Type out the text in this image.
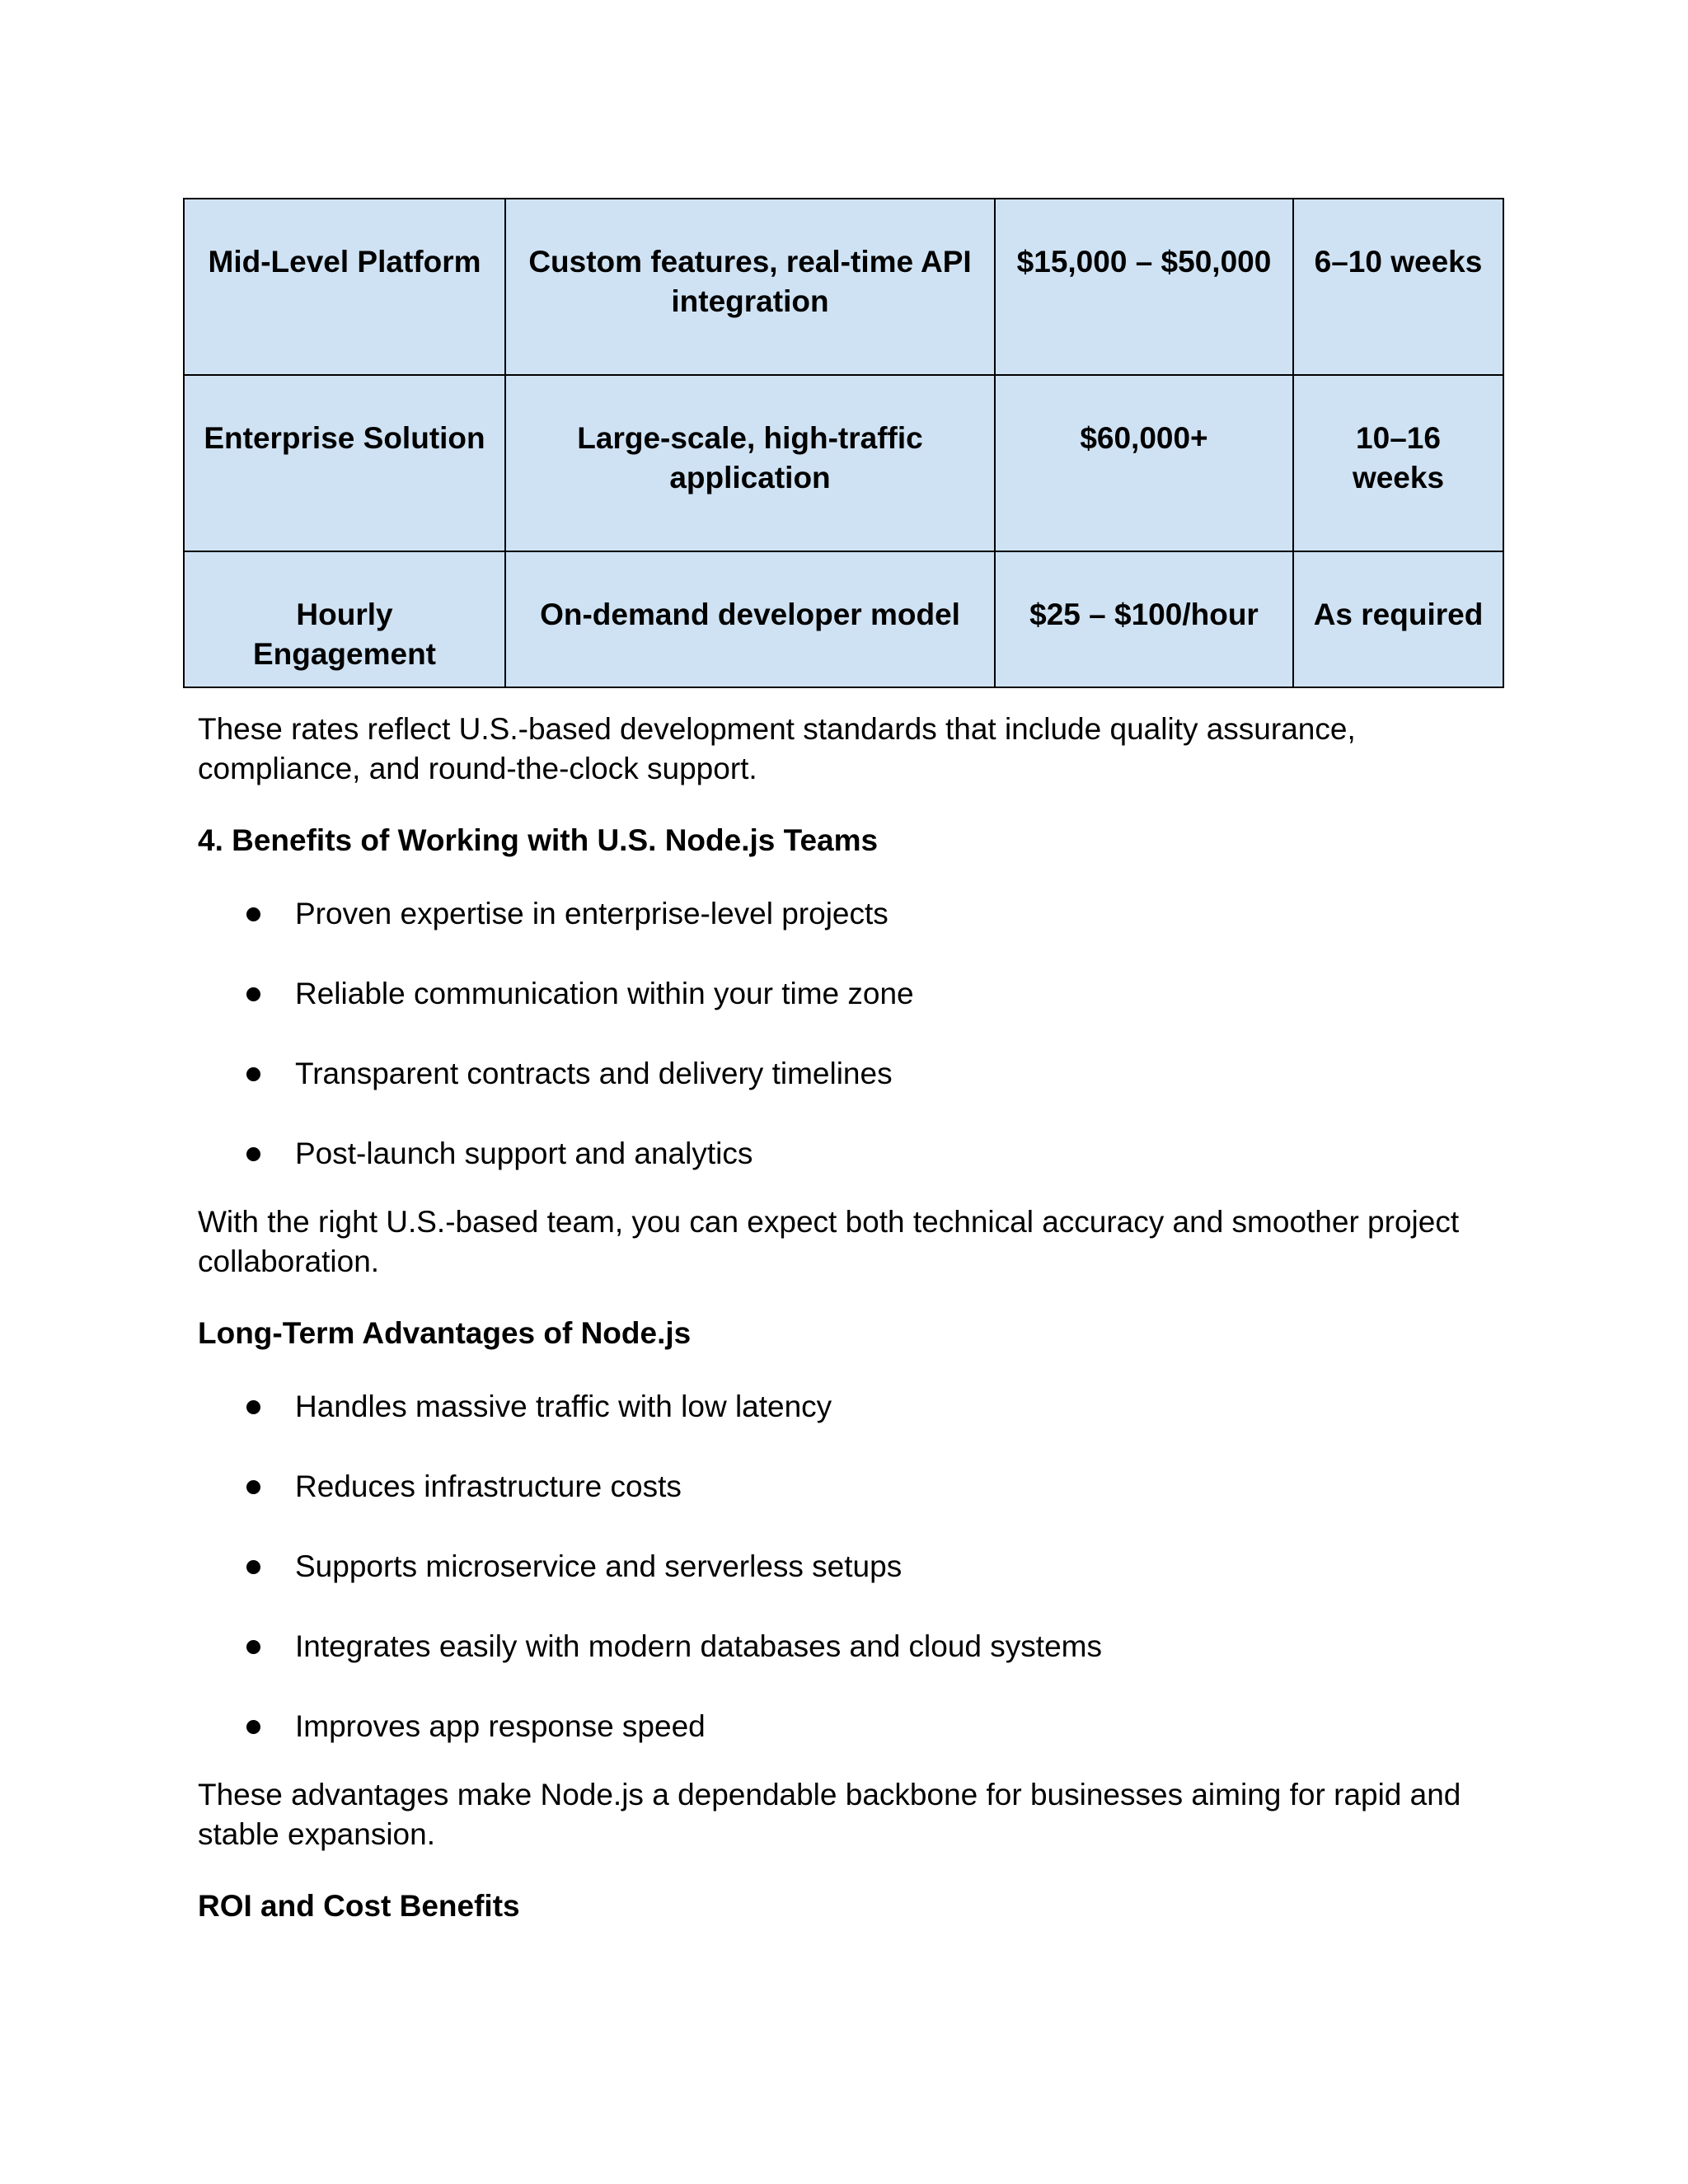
Mid-Level Platform	Custom features, real-time API integration	$15,000 – $50,000	6–10 weeks
Enterprise Solution	Large-scale, high-traffic application	$60,000+	10–16 weeks
Hourly Engagement	On-demand developer model	$25 – $100/hour	As required

These rates reflect U.S.-based development standards that include quality assurance, compliance, and round-the-clock support.

4. Benefits of Working with U.S. Node.js Teams

Proven expertise in enterprise-level projects
Reliable communication within your time zone
Transparent contracts and delivery timelines
Post-launch support and analytics

With the right U.S.-based team, you can expect both technical accuracy and smoother project collaboration.

Long-Term Advantages of Node.js

Handles massive traffic with low latency
Reduces infrastructure costs
Supports microservice and serverless setups
Integrates easily with modern databases and cloud systems
Improves app response speed

These advantages make Node.js a dependable backbone for businesses aiming for rapid and stable expansion.

ROI and Cost Benefits
